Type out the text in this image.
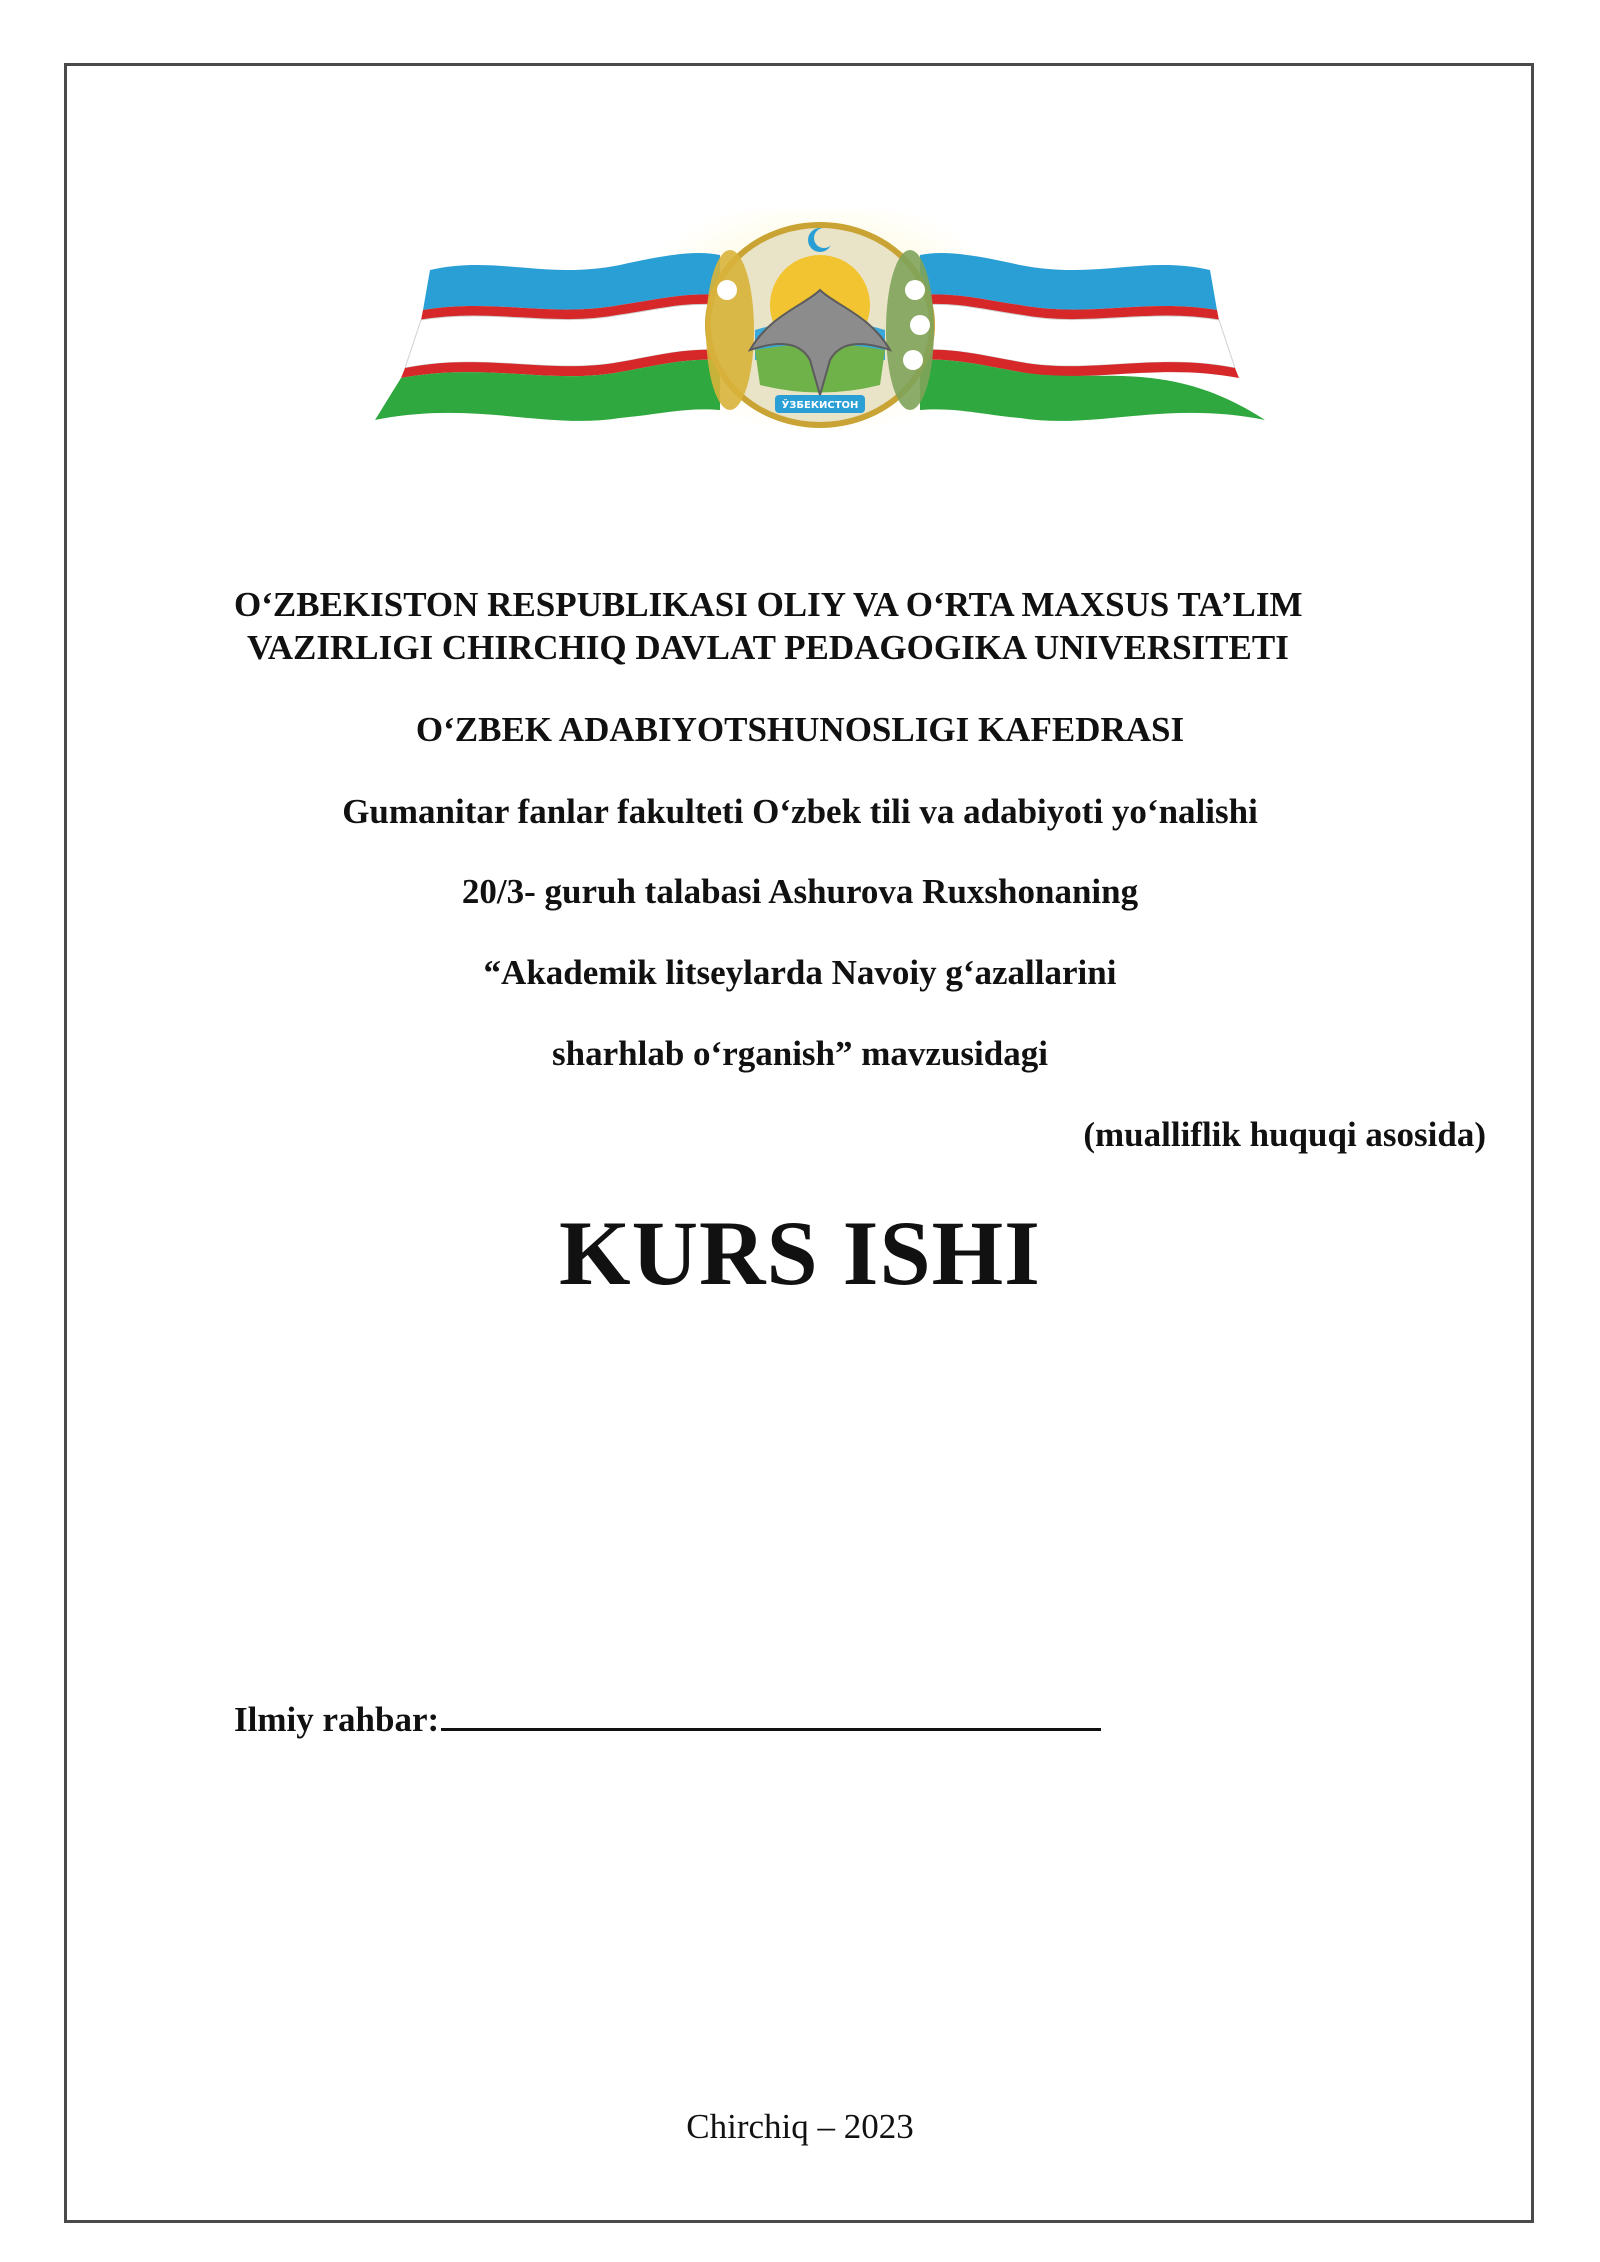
ЎЗБЕКИСТОН
O‘ZBEKISTON RESPUBLIKASI OLIY VA O‘RTA MAXSUS TA’LIM
VAZIRLIGI CHIRCHIQ DAVLAT PEDAGOGIKA UNIVERSITETI
O‘ZBEK ADABIYOTSHUNOSLIGI KAFEDRASI
Gumanitar fanlar fakulteti O‘zbek tili va adabiyoti yo‘nalishi
20/3- guruh talabasi Ashurova Ruxshonaning
“Akademik litseylarda Navoiy g‘azallarini
sharhlab o‘rganish” mavzusidagi
(mualliflik huquqi asosida)
KURS ISHI
Ilmiy rahbar:
Chirchiq – 2023
